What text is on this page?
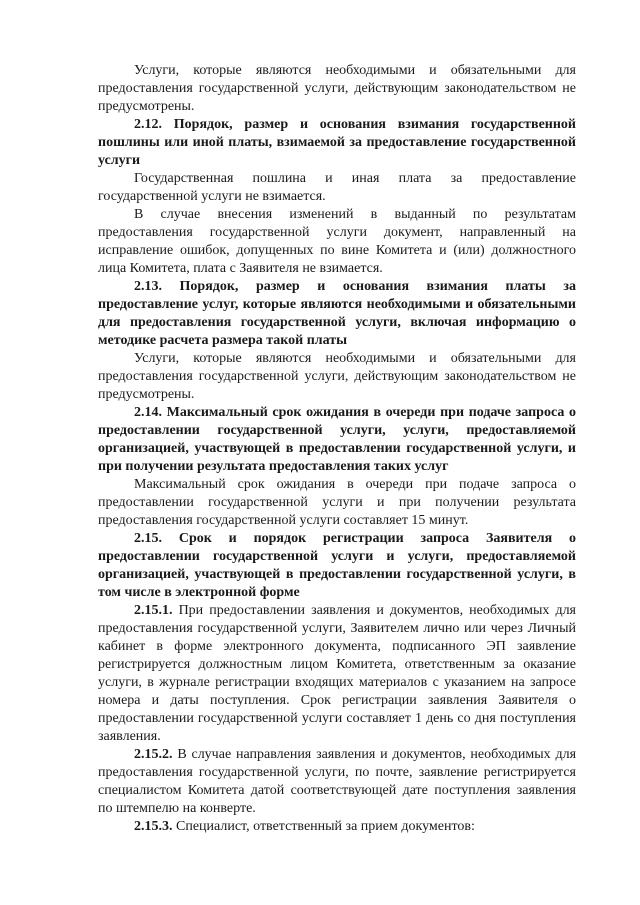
Услуги, которые являются необходимыми и обязательными для предоставления государственной услуги, действующим законодательством не предусмотрены.

2.12. Порядок, размер и основания взимания государственной пошлины или иной платы, взимаемой за предоставление государственной услуги

Государственная пошлина и иная плата за предоставление государственной услуги не взимается.

В случае внесения изменений в выданный по результатам предоставления государственной услуги документ, направленный на исправление ошибок, допущенных по вине Комитета и (или) должностного лица Комитета, плата с Заявителя не взимается.

2.13. Порядок, размер и основания взимания платы за предоставление услуг, которые являются необходимыми и обязательными для предоставления государственной услуги, включая информацию о методике расчета размера такой платы

Услуги, которые являются необходимыми и обязательными для предоставления государственной услуги, действующим законодательством не предусмотрены.

2.14. Максимальный срок ожидания в очереди при подаче запроса о предоставлении государственной услуги, услуги, предоставляемой организацией, участвующей в предоставлении государственной услуги, и при получении результата предоставления таких услуг

Максимальный срок ожидания в очереди при подаче запроса о предоставлении государственной услуги и при получении результата предоставления государственной услуги составляет 15 минут.

2.15. Срок и порядок регистрации запроса Заявителя о предоставлении государственной услуги и услуги, предоставляемой организацией, участвующей в предоставлении государственной услуги, в том числе в электронной форме

2.15.1. При предоставлении заявления и документов, необходимых для предоставления государственной услуги, Заявителем лично или через Личный кабинет в форме электронного документа, подписанного ЭП заявление регистрируется должностным лицом Комитета, ответственным за оказание услуги, в журнале регистрации входящих материалов с указанием на запросе номера и даты поступления. Срок регистрации заявления Заявителя о предоставлении государственной услуги составляет 1 день со дня поступления заявления.

2.15.2. В случае направления заявления и документов, необходимых для предоставления государственной услуги, по почте, заявление регистрируется специалистом Комитета датой соответствующей дате поступления заявления по штемпелю на конверте.

2.15.3. Специалист, ответственный за прием документов:
